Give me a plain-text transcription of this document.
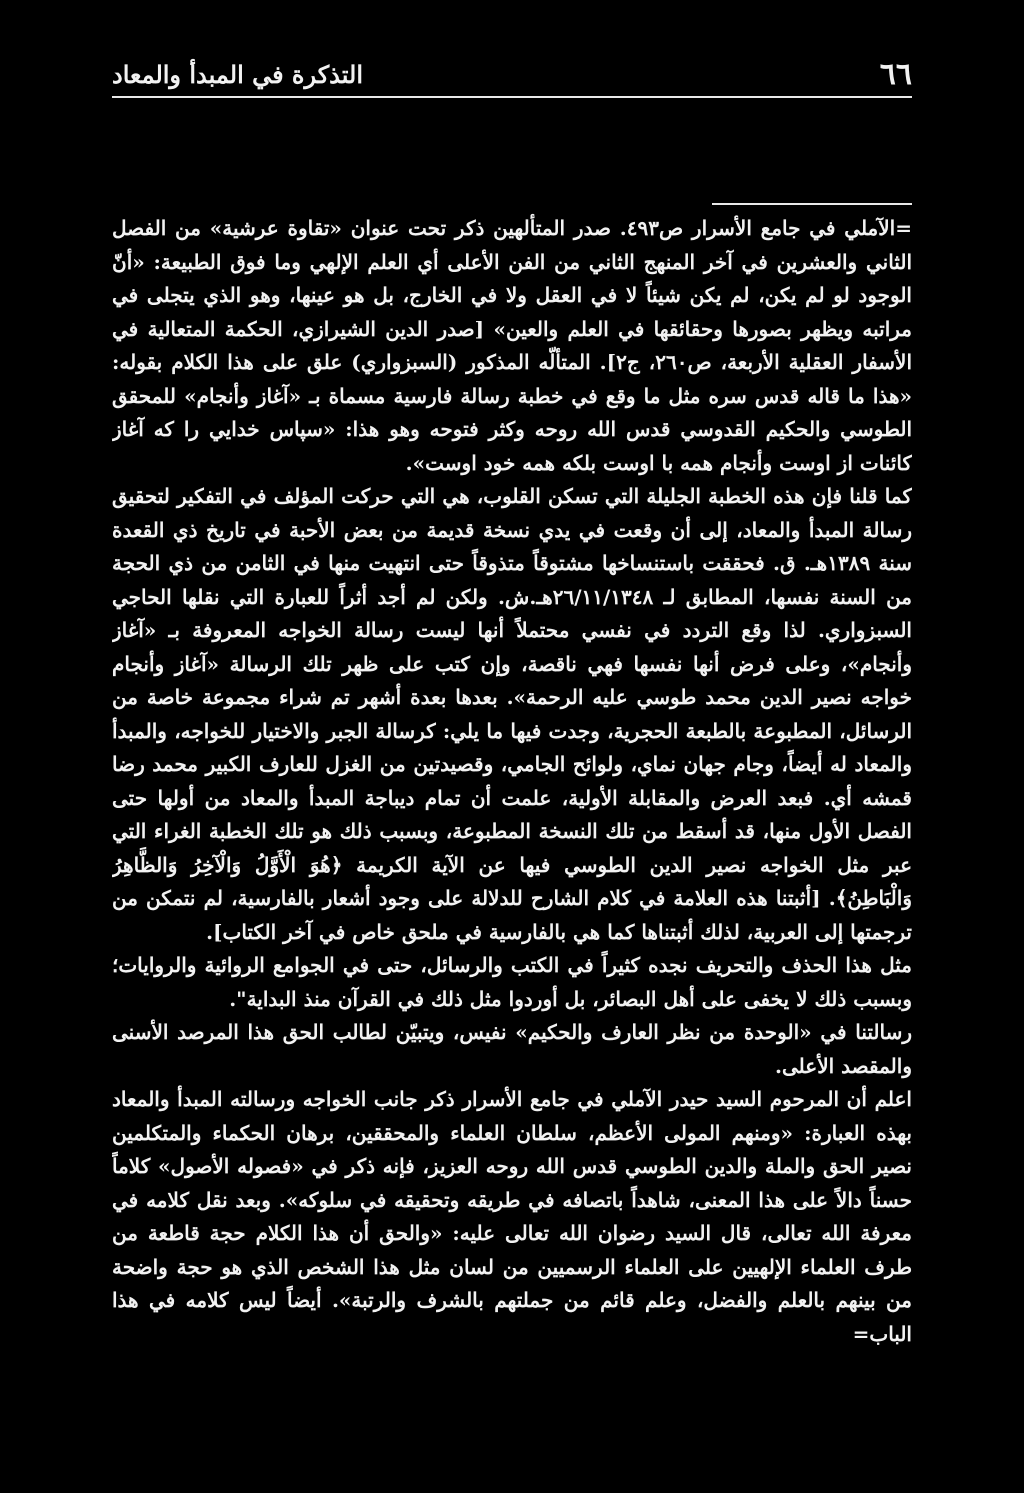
٦٦
التذكرة في المبدأ والمعاد

=الآملي في جامع الأسرار ص٤٩٣. صدر المتألهين ذكر تحت عنوان «تقاوة عرشية» من الفصل الثاني والعشرين في آخر المنهج الثاني من الفن الأعلى أي العلم الإلهي وما فوق الطبيعة: «أنّ الوجود لو لم يكن، لم يكن شيئاً لا في العقل ولا في الخارج، بل هو عينها، وهو الذي يتجلى في مراتبه ويظهر بصورها وحقائقها في العلم والعين» [صدر الدين الشيرازي، الحكمة المتعالية في الأسفار العقلية الأربعة، ص٢٦٠، ج٢]. المتألّه المذكور (السبزواري) علق على هذا الكلام بقوله: «هذا ما قاله قدس سره مثل ما وقع في خطبة رسالة فارسية مسماة بـ «آغاز وأنجام» للمحقق الطوسي والحكيم القدوسي قدس الله روحه وكثر فتوحه وهو هذا: «سپاس خدايي را كه آغاز كائنات از اوست وأنجام همه با اوست بلكه همه خود اوست».

كما قلنا فإن هذه الخطبة الجليلة التي تسكن القلوب، هي التي حركت المؤلف في التفكير لتحقيق رسالة المبدأ والمعاد، إلى أن وقعت في يدي نسخة قديمة من بعض الأحبة في تاريخ ذي القعدة سنة ١٣٨٩هـ. ق. فحققت باستنساخها مشتوقاً متذوقاً حتى انتهيت منها في الثامن من ذي الحجة من السنة نفسها، المطابق لـ ٢٦/١١/١٣٤٨هـ.ش. ولكن لم أجد أثراً للعبارة التي نقلها الحاجي السبزواري. لذا وقع التردد في نفسي محتملاً أنها ليست رسالة الخواجه المعروفة بـ «آغاز وأنجام»، وعلى فرض أنها نفسها فهي ناقصة، وإن كتب على ظهر تلك الرسالة «آغاز وأنجام خواجه نصير الدين محمد طوسي عليه الرحمة». بعدها بعدة أشهر تم شراء مجموعة خاصة من الرسائل، المطبوعة بالطبعة الحجرية، وجدت فيها ما يلي: كرسالة الجبر والاختيار للخواجه، والمبدأ والمعاد له أيضاً، وجام جهان نماي، ولوائح الجامي، وقصيدتين من الغزل للعارف الكبير محمد رضا قمشه أي. فبعد العرض والمقابلة الأولية، علمت أن تمام ديباجة المبدأ والمعاد من أولها حتى الفصل الأول منها، قد أسقط من تلك النسخة المطبوعة، وبسبب ذلك هو تلك الخطبة الغراء التي عبر مثل الخواجه نصير الدين الطوسي فيها عن الآية الكريمة ﴿هُوَ الْأَوَّلُ وَالْآخِرُ وَالظَّاهِرُ وَالْبَاطِنُ﴾. [أثبتنا هذه العلامة في كلام الشارح للدلالة على وجود أشعار بالفارسية، لم نتمكن من ترجمتها إلى العربية، لذلك أثبتناها كما هي بالفارسية في ملحق خاص في آخر الكتاب].

مثل هذا الحذف والتحريف نجده كثيراً في الكتب والرسائل، حتى في الجوامع الروائية والروايات؛ وبسبب ذلك لا يخفى على أهل البصائر، بل أوردوا مثل ذلك في القرآن منذ البداية".

رسالتنا في «الوحدة من نظر العارف والحكيم» نفيس، ويتبيّن لطالب الحق هذا المرصد الأسنى والمقصد الأعلى.

اعلم أن المرحوم السيد حيدر الآملي في جامع الأسرار ذكر جانب الخواجه ورسالته المبدأ والمعاد بهذه العبارة: «ومنهم المولى الأعظم، سلطان العلماء والمحققين، برهان الحكماء والمتكلمين نصير الحق والملة والدين الطوسي قدس الله روحه العزيز، فإنه ذكر في «فصوله الأصول» كلاماً حسناً دالاً على هذا المعنى، شاهداً باتصافه في طريقه وتحقيقه في سلوكه». وبعد نقل كلامه في معرفة الله تعالى، قال السيد رضوان الله تعالى عليه: «والحق أن هذا الكلام حجة قاطعة من طرف العلماء الإلهيين على العلماء الرسميين من لسان مثل هذا الشخص الذي هو حجة واضحة من بينهم بالعلم والفضل، وعلم قائم من جملتهم بالشرف والرتبة». أيضاً ليس كلامه في هذا الباب=
